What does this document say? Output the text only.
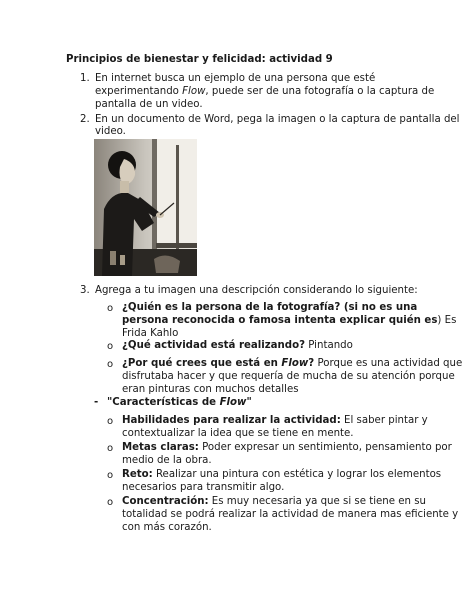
Principios de bienestar y felicidad: actividad 9
1. En internet busca un ejemplo de una persona que esté
experimentando Flow, puede ser de una fotografía o la captura de
pantalla de un video.
2. En un documento de Word, pega la imagen o la captura de pantalla del
video.
3. Agrega a tu imagen una descripción considerando lo siguiente:
o ¿Quién es la persona de la fotografía? (si no es una
persona reconocida o famosa intenta explicar quién es) Es
Frida Kahlo
o ¿Qué actividad está realizando? Pintando
o ¿Por qué crees que está en Flow? Porque es una actividad que
disfrutaba hacer y que requería de mucha de su atención porque
eran pinturas con muchos detalles
- "Características de Flow"
o Habilidades para realizar la actividad: El saber pintar y
contextualizar la idea que se tiene en mente.
o Metas claras: Poder expresar un sentimiento, pensamiento por
medio de la obra.
o Reto: Realizar una pintura con estética y lograr los elementos
necesarios para transmitir algo.
o Concentración: Es muy necesaria ya que si se tiene en su
totalidad se podrá realizar la actividad de manera mas eficiente y
con más corazón.
